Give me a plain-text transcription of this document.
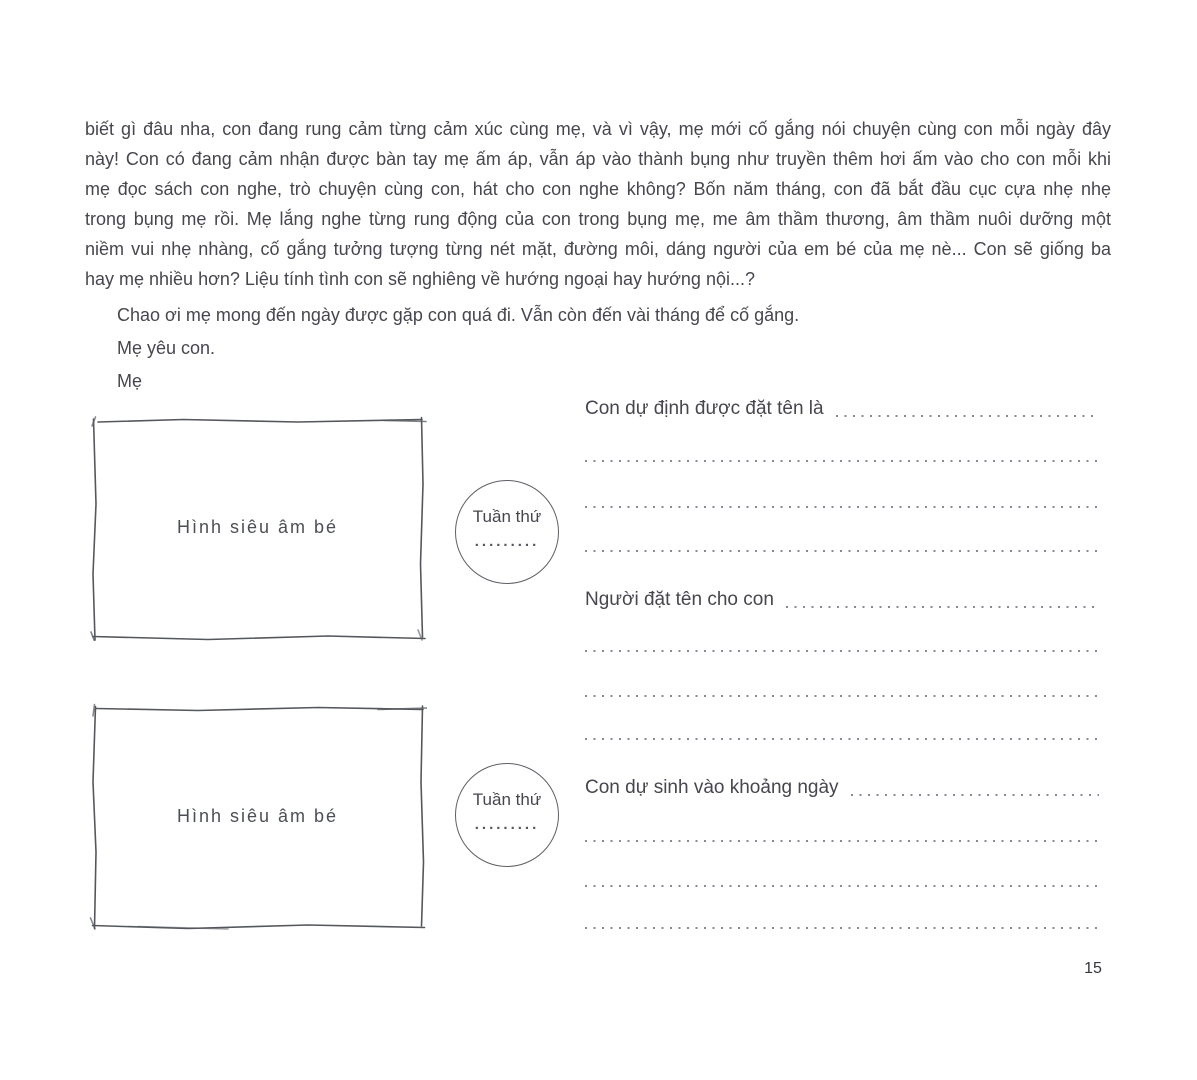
biết gì đâu nha, con đang rung cảm từng cảm xúc cùng mẹ, và vì vậy, mẹ mới cố gắng nói chuyện cùng con mỗi ngày đây
này! Con có đang cảm nhận được bàn tay mẹ ấm áp, vẫn áp vào thành bụng như truyền thêm hơi ấm vào cho con mỗi khi
mẹ đọc sách con nghe, trò chuyện cùng con, hát cho con nghe không? Bốn năm tháng, con đã bắt đầu cục cựa nhẹ nhẹ
trong bụng mẹ rồi. Mẹ lắng nghe từng rung động của con trong bụng mẹ, me âm thầm thương, âm thầm nuôi dưỡng một
niềm vui nhẹ nhàng, cố gắng tưởng tượng từng nét mặt, đường môi, dáng người của em bé của mẹ nè... Con sẽ giống ba
hay mẹ nhiều hơn? Liệu tính tình con sẽ nghiêng về hướng ngoại hay hướng nội...?
Chao ơi mẹ mong đến ngày được gặp con quá đi. Vẫn còn đến vài tháng để cố gắng.
Mẹ yêu con.
Mẹ
Hình siêu âm bé
Tuần thứ
.........
Hình siêu âm bé
Tuần thứ
.........
Con dự định được đặt tên là
Người đặt tên cho con
Con dự sinh vào khoảng ngày
15
